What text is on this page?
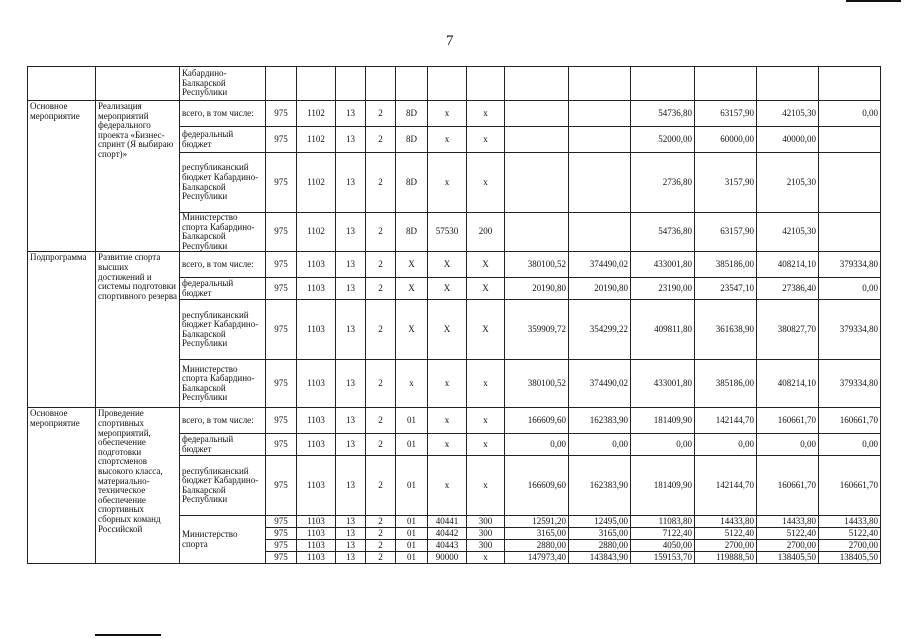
7
		Кабардино-Балкарской Республики													
Основное мероприятие	Реализация мероприятий федерального проекта «Бизнес-спринт (Я выбираю спорт)»	всего, в том числе:	975	1102	13	2	8D	x	x			54736,80	63157,90	42105,30	0,00
		федеральный бюджет	975	1102	13	2	8D	x	x			52000,00	60000,00	40000,00	
		республиканский бюджет Кабардино-Балкарской Республики	975	1102	13	2	8D	x	x			2736,80	3157,90	2105,30	
		Министерство спорта Кабардино-Балкарской Республики	975	1102	13	2	8D	57530	200			54736,80	63157,90	42105,30	
Подпрограмма	Развитие спорта высших достижений и системы подготовки спортивного резерва	всего, в том числе:	975	1103	13	2	X	X	X	380100,52	374490,02	433001,80	385186,00	408214,10	379334,80
		федеральный бюджет	975	1103	13	2	X	X	X	20190,80	20190,80	23190,00	23547,10	27386,40	0,00
		республиканский бюджет Кабардино-Балкарской Республики	975	1103	13	2	X	X	X	359909,72	354299,22	409811,80	361638,90	380827,70	379334,80
		Министерство спорта Кабардино-Балкарской Республики	975	1103	13	2	x	x	x	380100,52	374490,02	433001,80	385186,00	408214,10	379334,80
Основное мероприятие	Проведение спортивных мероприятий, обеспечение подготовки спортсменов высокого класса, материально-техническое обеспечение спортивных сборных команд Российской	всего, в том числе:	975	1103	13	2	01	x	x	166609,60	162383,90	181409,90	142144,70	160661,70	160661,70
		федеральный бюджет	975	1103	13	2	01	x	x	0,00	0,00	0,00	0,00	0,00	0,00
		республиканский бюджет Кабардино-Балкарской Республики	975	1103	13	2	01	x	x	166609,60	162383,90	181409,90	142144,70	160661,70	160661,70
		Министерство спорта	975	1103	13	2	01	40441	300	12591,20	12495,00	11083,80	14433,80	14433,80	14433,80
			975	1103	13	2	01	40442	300	3165,00	3165,00	7122,40	5122,40	5122,40	5122,40
			975	1103	13	2	01	40443	300	2880,00	2880,00	4050,00	2700,00	2700,00	2700,00
			975	1103	13	2	01	90000	x	147973,40	143843,90	159153,70	119888,50	138405,50	138405,50
